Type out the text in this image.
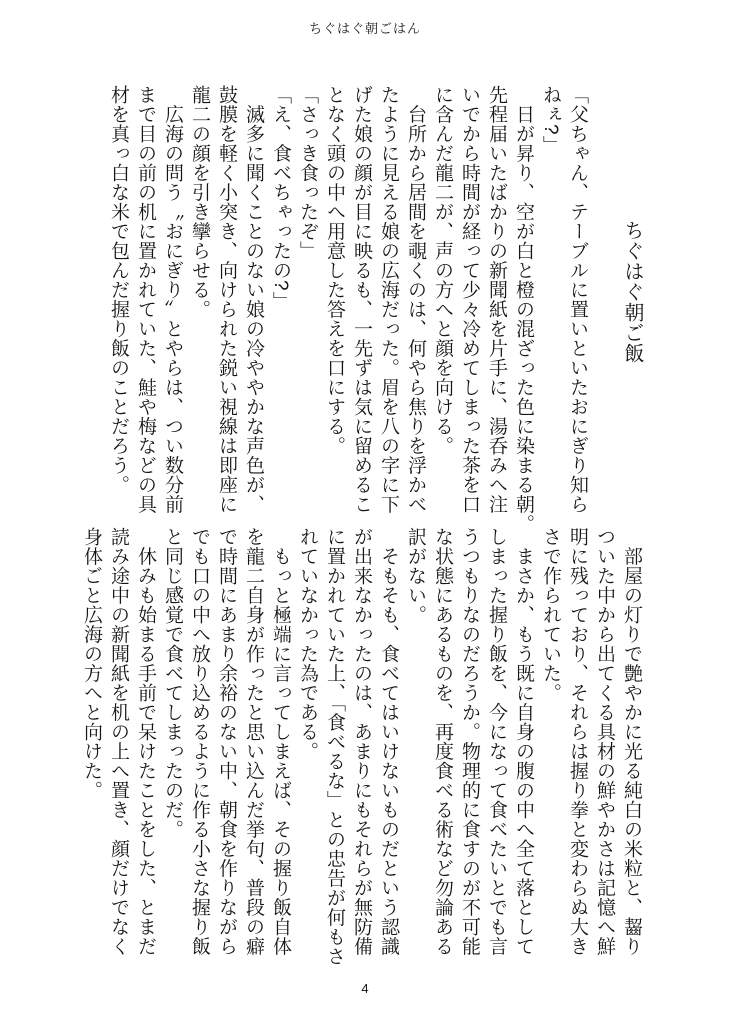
ちぐはぐ朝ごはん
ちぐはぐ朝ご飯
「父ちゃん、テーブルに置いといたおにぎり知ら
ねぇ?」
　日が昇り、空が白と橙の混ざった色に染まる朝。
先程届いたばかりの新聞紙を片手に、湯呑みへ注
いでから時間が経って少々冷めてしまった茶を口
に含んだ龍二が、声の方へと顔を向ける。
　台所から居間を覗くのは、何やら焦りを浮かべ
たように見える娘の広海だった。眉を八の字に下
げた娘の顔が目に映るも、一先ずは気に留めるこ
となく頭の中へ用意した答えを口にする。
「さっき食ったぞ」
「え、食べちゃったの?」
　滅多に聞くことのない娘の冷ややかな声色が、
鼓膜を軽く小突き、向けられた鋭い視線は即座に
龍二の顔を引き攣らせる。
　広海の問う〝おにぎり〟とやらは、つい数分前
まで目の前の机に置かれていた、鮭や梅などの具
材を真っ白な米で包んだ握り飯のことだろう。
　部屋の灯りで艶やかに光る純白の米粒と、齧り
ついた中から出てくる具材の鮮やかさは記憶へ鮮
明に残っており、それらは握り拳と変わらぬ大き
さで作られていた。
　まさか、もう既に自身の腹の中へ全て落として
しまった握り飯を、今になって食べたいとでも言
うつもりなのだろうか。物理的に食すのが不可能
な状態にあるものを、再度食べる術など勿論ある
訳がない。
　そもそも、食べてはいけないものだという認識
が出来なかったのは、あまりにもそれらが無防備
に置かれていた上、「食べるな」との忠告が何もさ
れていなかった為である。
　もっと極端に言ってしまえば、その握り飯自体
を龍二自身が作ったと思い込んだ挙句、普段の癖
で時間にあまり余裕のない中、朝食を作りながら
でも口の中へ放り込めるように作る小さな握り飯
と同じ感覚で食べてしまったのだ。
　休みも始まる手前で呆けたことをした、とまだ
読み途中の新聞紙を机の上へ置き、顔だけでなく
身体ごと広海の方へと向けた。
4
